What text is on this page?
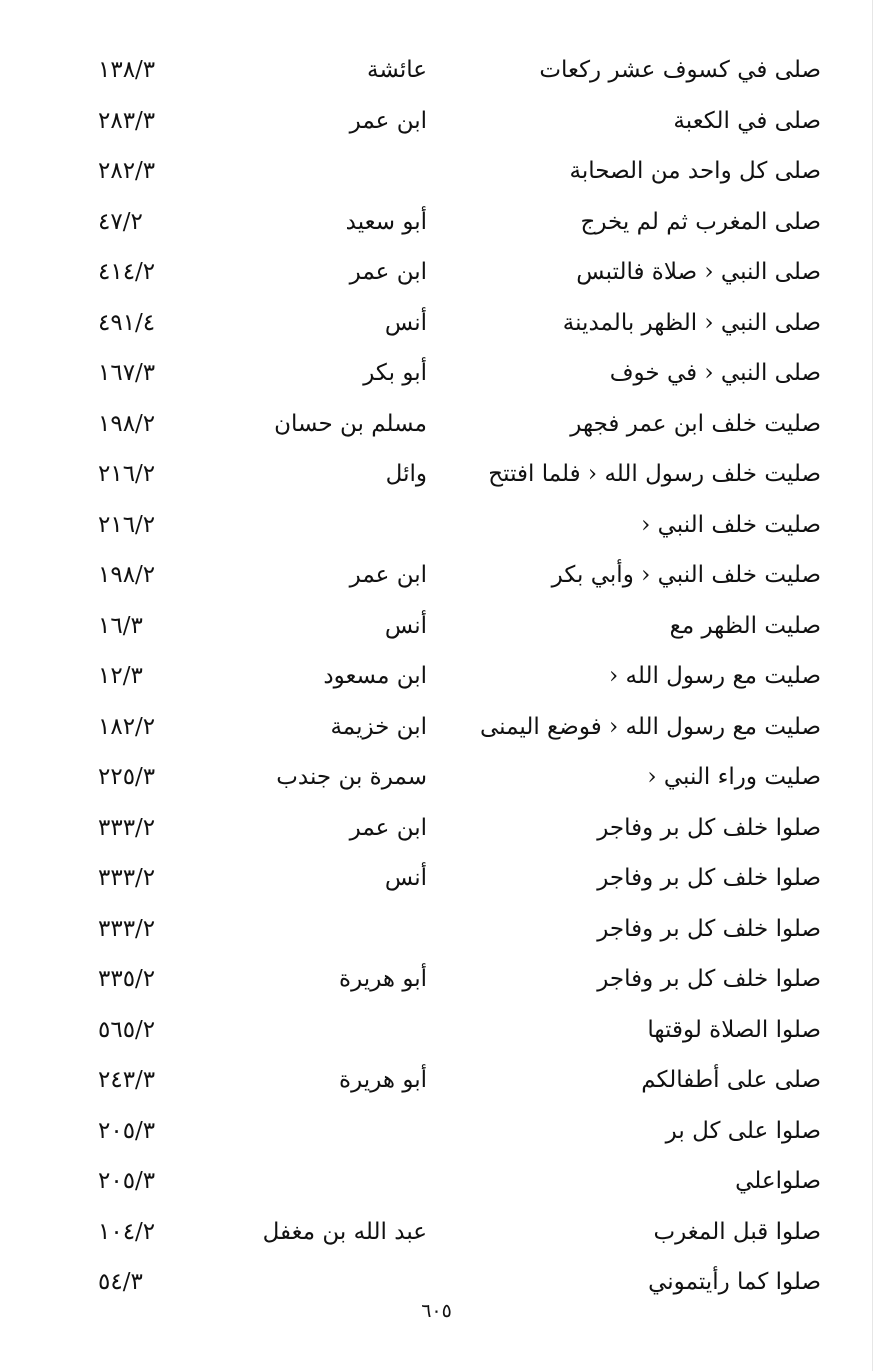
صلى في كسوف عشر ركعات
عائشة
١٣٨/٣
صلى في الكعبة
ابن عمر
٢٨٣/٣
صلى كل واحد من الصحابة
٢٨٢/٣
صلى المغرب ثم لم يخرج
أبو سعيد
٤٧/٢
صلى النبي ‹ صلاة فالتبس
ابن عمر
٤١٤/٢
صلى النبي ‹ الظهر بالمدينة
أنس
٤٩١/٤
صلى النبي ‹ في خوف
أبو بكر
١٦٧/٣
صليت خلف ابن عمر فجهر
مسلم بن حسان
١٩٨/٢
صليت خلف رسول الله ‹ فلما افتتح
وائل
٢١٦/٢
صليت خلف النبي ‹
٢١٦/٢
صليت خلف النبي ‹ وأبي بكر
ابن عمر
١٩٨/٢
صليت الظهر مع
أنس
١٦/٣
صليت مع رسول الله ‹
ابن مسعود
١٢/٣
صليت مع رسول الله ‹ فوضع اليمنى
ابن خزيمة
١٨٢/٢
صليت وراء النبي ‹
سمرة بن جندب
٢٢٥/٣
صلوا خلف كل بر وفاجر
ابن عمر
٣٣٣/٢
صلوا خلف كل بر وفاجر
أنس
٣٣٣/٢
صلوا خلف كل بر وفاجر
٣٣٣/٢
صلوا خلف كل بر وفاجر
أبو هريرة
٣٣٥/٢
صلوا الصلاة لوقتها
٥٦٥/٢
صلى على أطفالكم
أبو هريرة
٢٤٣/٣
صلوا على كل بر
٢٠٥/٣
صلواعلي
٢٠٥/٣
صلوا قبل المغرب
عبد الله بن مغفل
١٠٤/٢
صلوا كما رأيتموني
٥٤/٣
٦٠٥
